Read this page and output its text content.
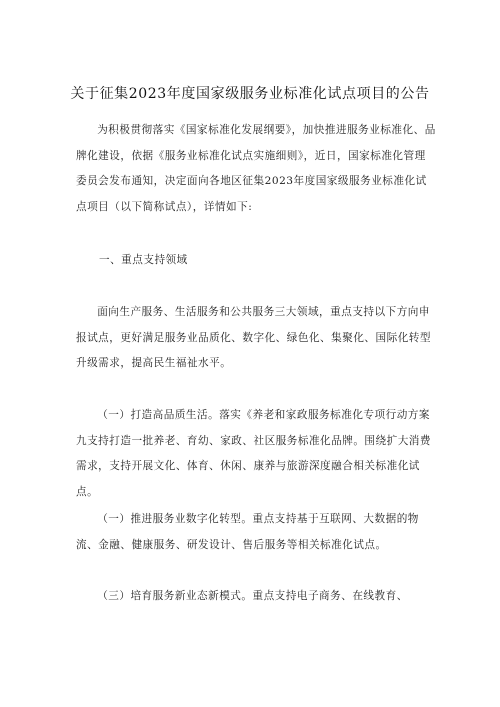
关于征集2023年度国家级服务业标准化试点项目的公告

为积极贯彻落实《国家标准化发展纲要》，加快推进服务业标准化、品牌化建设，依据《服务业标准化试点实施细则》，近日，国家标准化管理委员会发布通知，决定面向各地区征集2023年度国家级服务业标准化试点项目（以下简称试点），详情如下:

一、重点支持领域

面向生产服务、生活服务和公共服务三大领域，重点支持以下方向申报试点，更好满足服务业品质化、数字化、绿色化、集聚化、国际化转型升级需求，提高民生福祉水平。

（一）打造高品质生活。落实《养老和家政服务标准化专项行动方案九支持打造一批养老、育幼、家政、社区服务标准化品牌。围绕扩大消费需求，支持开展文化、体育、休闲、康养与旅游深度融合相关标准化试点。

（一）推进服务业数字化转型。重点支持基于互联网、大数据的物流、金融、健康服务、研发设计、售后服务等相关标准化试点。

（三）培育服务新业态新模式。重点支持电子商务、在线教育、
